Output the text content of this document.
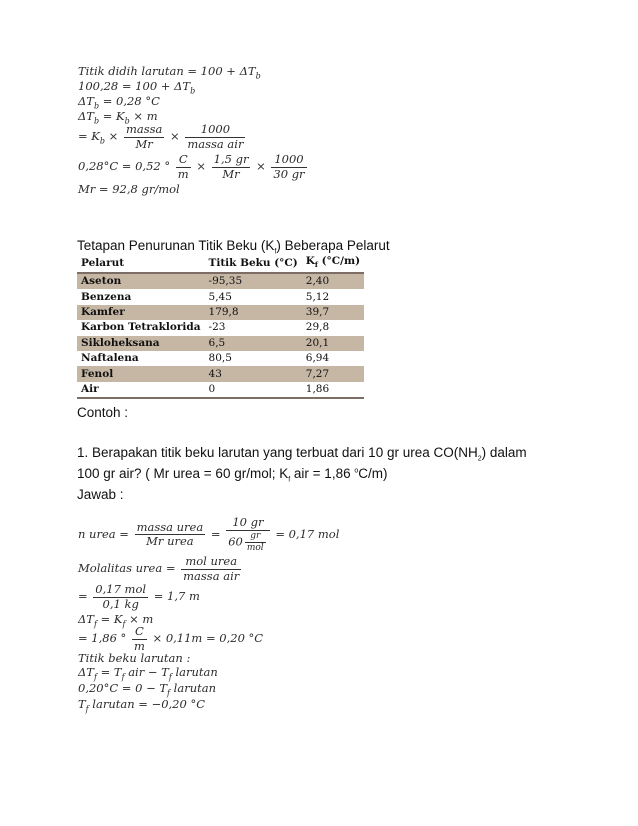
Titik didih larutan = $100 + \Delta T_b$
$100,28 = 100 + \Delta T_b$
$\Delta T_b = 0,28$ °C
$\Delta T_b = K_b \times m$
= $K_b \times \frac{\text{massa}}{Mr} \times \frac{1000}{\text{massa air}}$
0,28°C = 0,52 ° $\frac{C}{m} \times \frac{1,5 gr}{Mr} \times \frac{1000}{30 gr}$
Mr = 92,8 gr/mol
Tetapan Penurunan Titik Beku $(K_f)$ Beberapa Pelarut
Pelarut	Titik Beku (°C)	$K_f$ (°C/m)
Aseton	-95,35	2,40
Benzena	5,45	5,12
Kamfer	179,8	39,7
Karbon Tetraklorida	-23	29,8
Sikloheksana	6,5	20,1
Naftalena	80,5	6,94
Fenol	43	7,27
Air	0	1,86
Contoh :
1. Berapakan titik beku larutan yang terbuat dari 10 gr urea $CO(NH_2)$ dalam
100 gr air? ( Mr urea = 60 gr/mol; $K_f$ air = 1,86 $^o$C/m)
Jawab :
n urea = $\frac{\text{massa urea}}{\text{Mr urea}} = \frac{10 gr}{60 \frac{gr}{\text{mol}}} = 0,17$ mol
Molalitas urea = $\frac{\text{mol urea}}{\text{massa air}}$
= $\frac{\text{0,17 mol}}{0,1 kg} = 1,7$ m
$\Delta T_f = K_f \times m$
= 1,86 ° $\frac{C}{m} \times 0,11m = 0,20$ °C
Titik beku larutan :
$\Delta T_f = T_f$ air − $T_f$ larutan
$0,20^\circ C = 0 - T_f$ larutan
$T_f$ larutan = −0,20 °C
